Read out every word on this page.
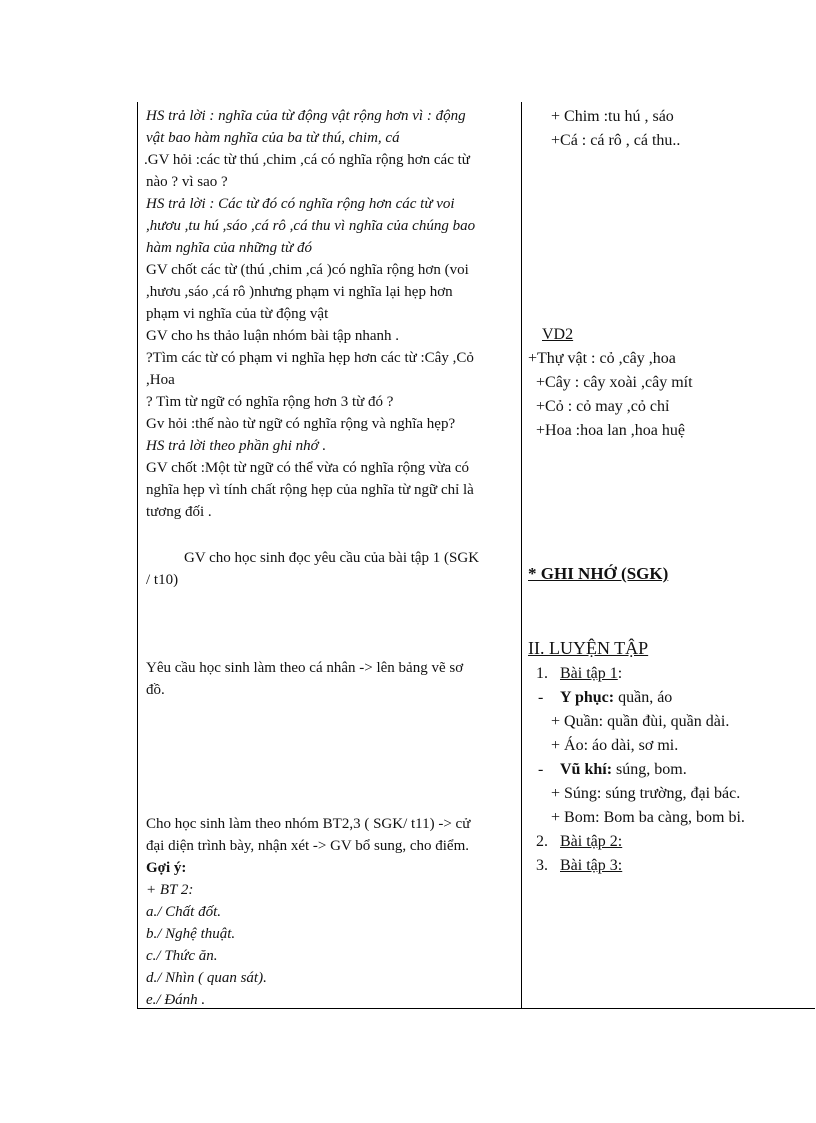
HS trả lời : nghĩa của từ động vật rộng hơn vì : động
vật bao hàm nghĩa của ba từ thú, chim, cá
.GV hỏi :các từ thú ,chim ,cá có nghĩa rộng hơn các từ
nào ? vì sao ?
HS trả lời : Các từ đó có nghĩa rộng hơn các từ voi
,hươu ,tu hú ,sáo ,cá rô ,cá thu vì nghĩa của chúng bao
hàm nghĩa của những từ đó
GV chốt các từ (thú ,chim ,cá )có nghĩa rộng hơn (voi
,hươu ,sáo ,cá rô )nhưng phạm vi nghĩa lại hẹp hơn
phạm vi nghĩa của từ động vật
GV cho hs thảo luận nhóm bài tập nhanh .
?Tìm các từ có phạm vi nghĩa hẹp hơn các từ :Cây ,Cỏ
,Hoa
? Tìm từ ngữ có nghĩa rộng hơn 3 từ đó ?
Gv hỏi :thế nào từ ngữ có nghĩa rộng và nghĩa hẹp?
HS trả lời theo phần ghi nhớ .
GV chốt :Một từ ngữ có thể vừa có nghĩa rộng vừa có
nghĩa hẹp vì tính chất rộng hẹp của nghĩa từ ngữ chỉ là
tương đối .
GV cho học sinh đọc yêu cầu của bài tập 1 (SGK
/ t10)
Yêu cầu học sinh làm theo cá nhân -> lên bảng vẽ sơ
đồ.
Cho học sinh làm theo nhóm BT2,3 ( SGK/ t11) -> cử
đại diện trình bày, nhận xét -> GV bổ sung, cho điểm.
Gợi ý:
+ BT 2:
a./ Chất đốt.
b./ Nghệ thuật.
c./ Thức ăn.
d./ Nhìn ( quan sát).
e./ Đánh .
+ Chim :tu hú , sáo
+Cá : cá rô , cá thu..
VD2
+Thự vật : cỏ ,cây ,hoa
+Cây : cây xoài ,cây mít
+Cỏ : cỏ may ,cỏ chỉ
+Hoa :hoa lan ,hoa huệ
* GHI NHỚ (SGK)
II. LUYỆN TẬP
1. Bài tập 1:
- Y phục: quần, áo
+ Quần: quần đùi, quần dài.
+ Áo: áo dài, sơ mi.
- Vũ khí: súng, bom.
+ Súng: súng trường, đại bác.
+ Bom: Bom ba càng, bom bi.
2. Bài tập 2:
3. Bài tập 3:
